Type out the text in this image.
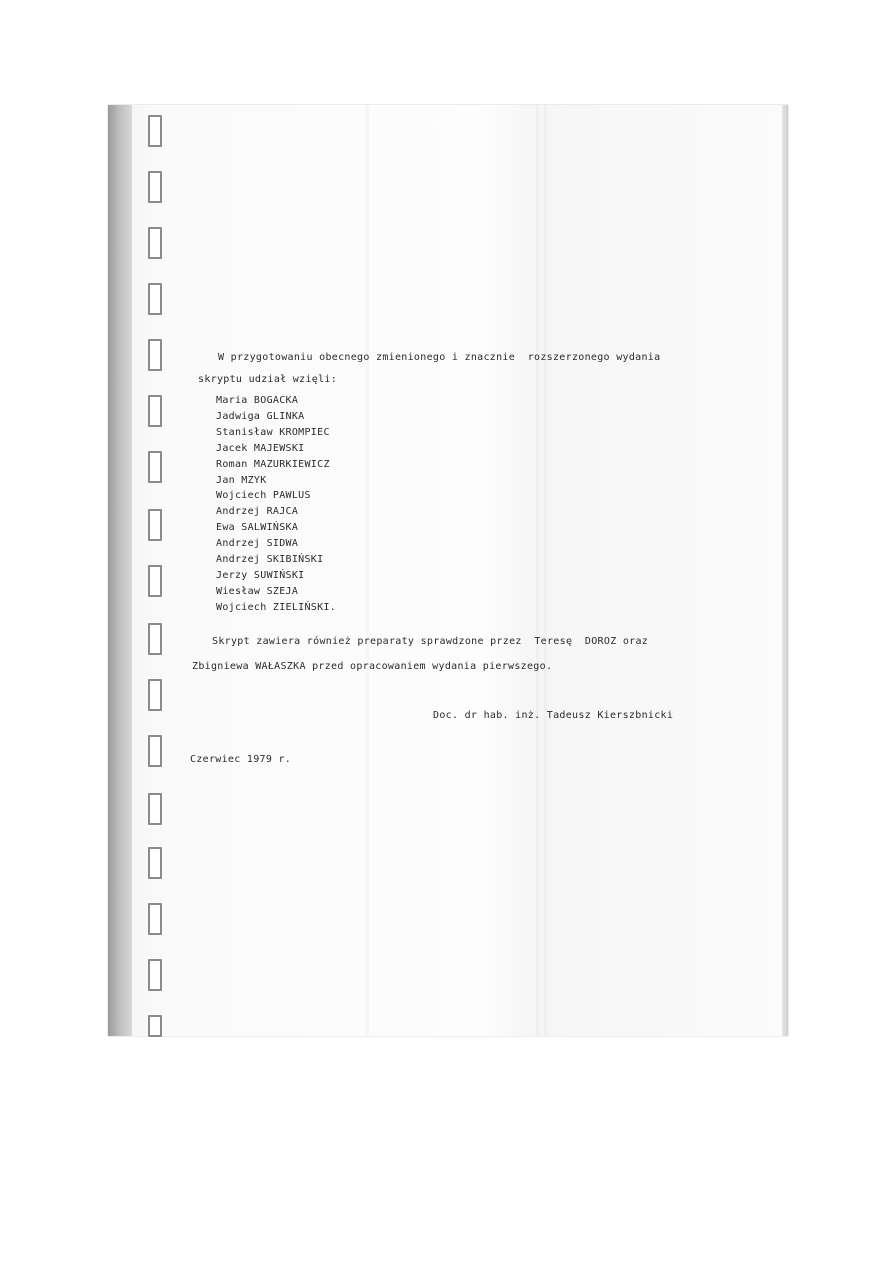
W przygotowaniu obecnego zmienionego i znacznie  rozszerzonego wydania
skryptu udział wzięli:
Maria BOGACKA
Jadwiga GLINKA
Stanisław KROMPIEC
Jacek MAJEWSKI
Roman MAZURKIEWICZ
Jan MZYK
Wojciech PAWLUS
Andrzej RAJCA
Ewa SALWIŃSKA
Andrzej SIDWA
Andrzej SKIBIŃSKI
Jerzy SUWIŃSKI
Wiesław SZEJA
Wojciech ZIELIŃSKI.
Skrypt zawiera również preparaty sprawdzone przez  Teresę  DOROZ oraz
Zbigniewa WAŁASZKA przed opracowaniem wydania pierwszego.
Doc. dr hab. inż. Tadeusz Kierszbnicki
Czerwiec 1979 r.
